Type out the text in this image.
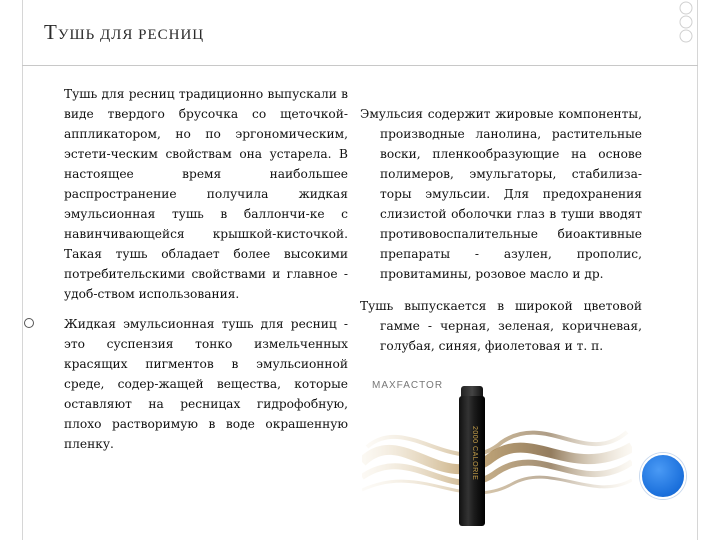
ТУШЬ ДЛЯ РЕСНИЦ
Тушь для ресниц традиционно выпускали в виде твердого брусочка со щеточкой-аппликатором, но по эргономическим, эстети-ческим свойствам она устарела. В настоящее время наибольшее распространение получила жидкая эмульсионная тушь в баллончи-ке с навинчивающейся крышкой-кисточкой. Такая тушь обладает более высокими потребительскими свойствами и главное - удоб-ством использования.
Жидкая эмульсионная тушь для ресниц - это суспензия тонко измельченных красящих пигментов в эмульсионной среде, содер-жащей вещества, которые оставляют на ресницах гидрофобную, плохо растворимую в воде окрашенную пленку.
Эмульсия содержит жировые компоненты, производные ланолина, растительные воски, пленкообразующие на основе полимеров, эмульгаторы, стабилиза-торы эмульсии. Для предохранения слизистой оболочки глаз в туши вводят противовоспалительные биоактивные препараты - азулен, прополис, провитамины, розовое масло и др.
Тушь выпускается в широкой цветовой гамме - черная, зеленая, коричневая, голубая, синяя, фиолетовая и т. п.
MAXFACTOR
2000 CALORIE
